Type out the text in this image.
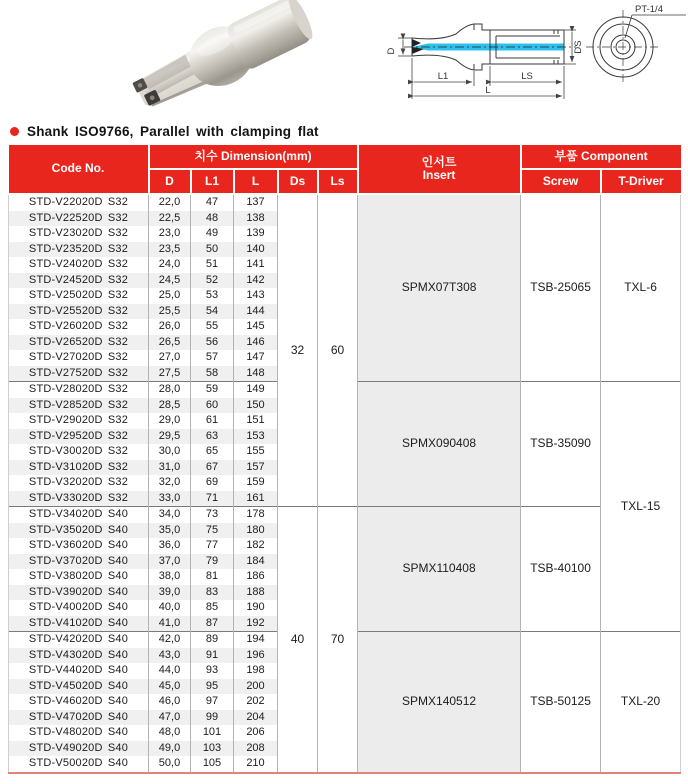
D
L1	LS
L
DS
PT-1/4
Shank ISO9766, Parallel with clamping flat
Code No.	치수 Dimension(mm)					인서트
Insert	부품 Component	
	D	L1	L	Ds	Ls		Screw	T-Driver
STD-V22020D S32	22,0	47	137	32	60	SPMX07T308	TSB-25065	TXL-6
STD-V22520D S32	22,5	48	138					
STD-V23020D S32	23,0	49	139					
STD-V23520D S32	23,5	50	140					
STD-V24020D S32	24,0	51	141					
STD-V24520D S32	24,5	52	142					
STD-V25020D S32	25,0	53	143					
STD-V25520D S32	25,5	54	144					
STD-V26020D S32	26,0	55	145					
STD-V26520D S32	26,5	56	146					
STD-V27020D S32	27,0	57	147					
STD-V27520D S32	27,5	58	148					
STD-V28020D S32	28,0	59	149			SPMX090408	TSB-35090	TXL-15
STD-V28520D S32	28,5	60	150					
STD-V29020D S32	29,0	61	151					
STD-V29520D S32	29,5	63	153					
STD-V30020D S32	30,0	65	155					
STD-V31020D S32	31,0	67	157					
STD-V32020D S32	32,0	69	159					
STD-V33020D S32	33,0	71	161					
STD-V34020D S40	34,0	73	178	40	70	SPMX110408	TSB-40100	
STD-V35020D S40	35,0	75	180					
STD-V36020D S40	36,0	77	182					
STD-V37020D S40	37,0	79	184					
STD-V38020D S40	38,0	81	186					
STD-V39020D S40	39,0	83	188					
STD-V40020D S40	40,0	85	190					
STD-V41020D S40	41,0	87	192					
STD-V42020D S40	42,0	89	194			SPMX140512	TSB-50125	TXL-20
STD-V43020D S40	43,0	91	196					
STD-V44020D S40	44,0	93	198					
STD-V45020D S40	45,0	95	200					
STD-V46020D S40	46,0	97	202					
STD-V47020D S40	47,0	99	204					
STD-V48020D S40	48,0	101	206					
STD-V49020D S40	49,0	103	208					
STD-V50020D S40	50,0	105	210					
